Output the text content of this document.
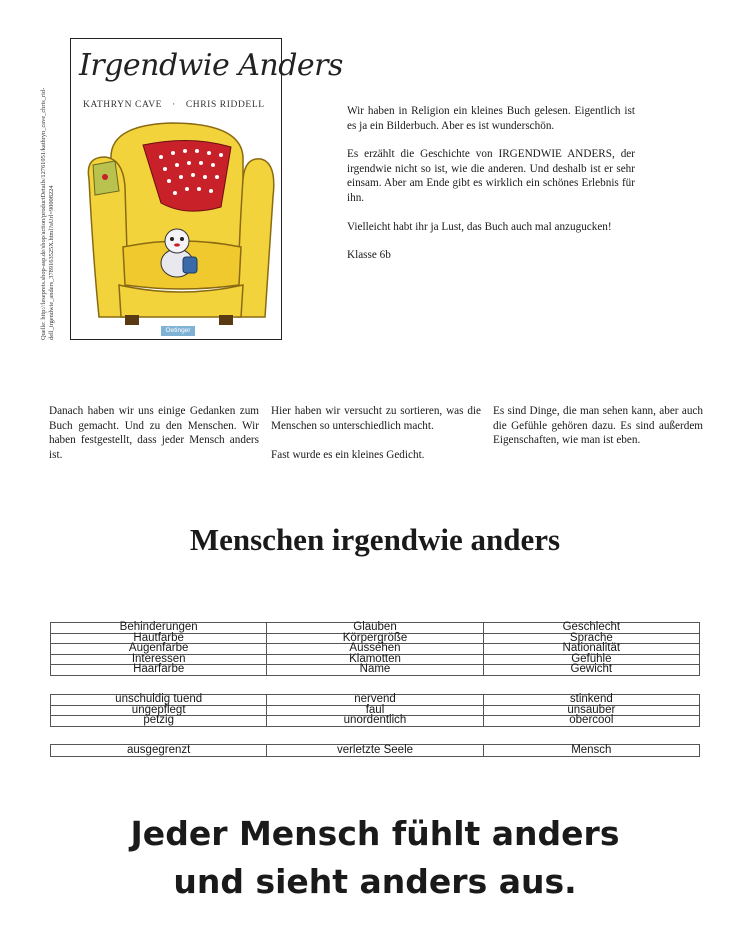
Quelle: http://lesepreis.shop-asp.de/shop/action/productDetails/12761051/kathryn_cave_chris_rid- dell_irgendwie_anders_3789163525X.html?aUrl=90008224
Irgendwie Anders
KATHRYN CAVE · CHRIS RIDDELL
Oetinger

Wir haben in Religion ein kleines Buch gelesen. Eigentlich ist es ja ein Bilderbuch. Aber es ist wunderschön.

Es erzählt die Geschichte von IRGENDWIE ANDERS, der irgendwie nicht so ist, wie die anderen. Und deshalb ist er sehr einsam. Aber am Ende gibt es wirklich ein schönes Erlebnis für ihn.

Vielleicht habt ihr ja Lust, das Buch auch mal anzugucken!

Klasse 6b

Danach haben wir uns einige Gedanken zum Buch gemacht. Und zu den Menschen. Wir haben festgestellt, dass jeder Mensch anders ist.

Hier haben wir versucht zu sortieren, was die Menschen so unterschiedlich macht.

Fast wurde es ein kleines Gedicht.

Es sind Dinge, die man sehen kann, aber auch die Gefühle gehören dazu. Es sind außerdem Eigenschaften, wie man ist eben.

Menschen irgendwie anders
Behinderungen	Glauben	Geschlecht
Hautfarbe	Körpergröße	Sprache
Augenfarbe	Aussehen	Nationalität
Interessen	Klamotten	Gefühle
Haarfarbe	Name	Gewicht
unschuldig tuend	nervend	stinkend
ungepflegt	faul	unsauber
petzig	unordentlich	obercool
ausgegrenzt	verletzte Seele	Mensch
Jeder Mensch fühlt anders
und sieht anders aus.
